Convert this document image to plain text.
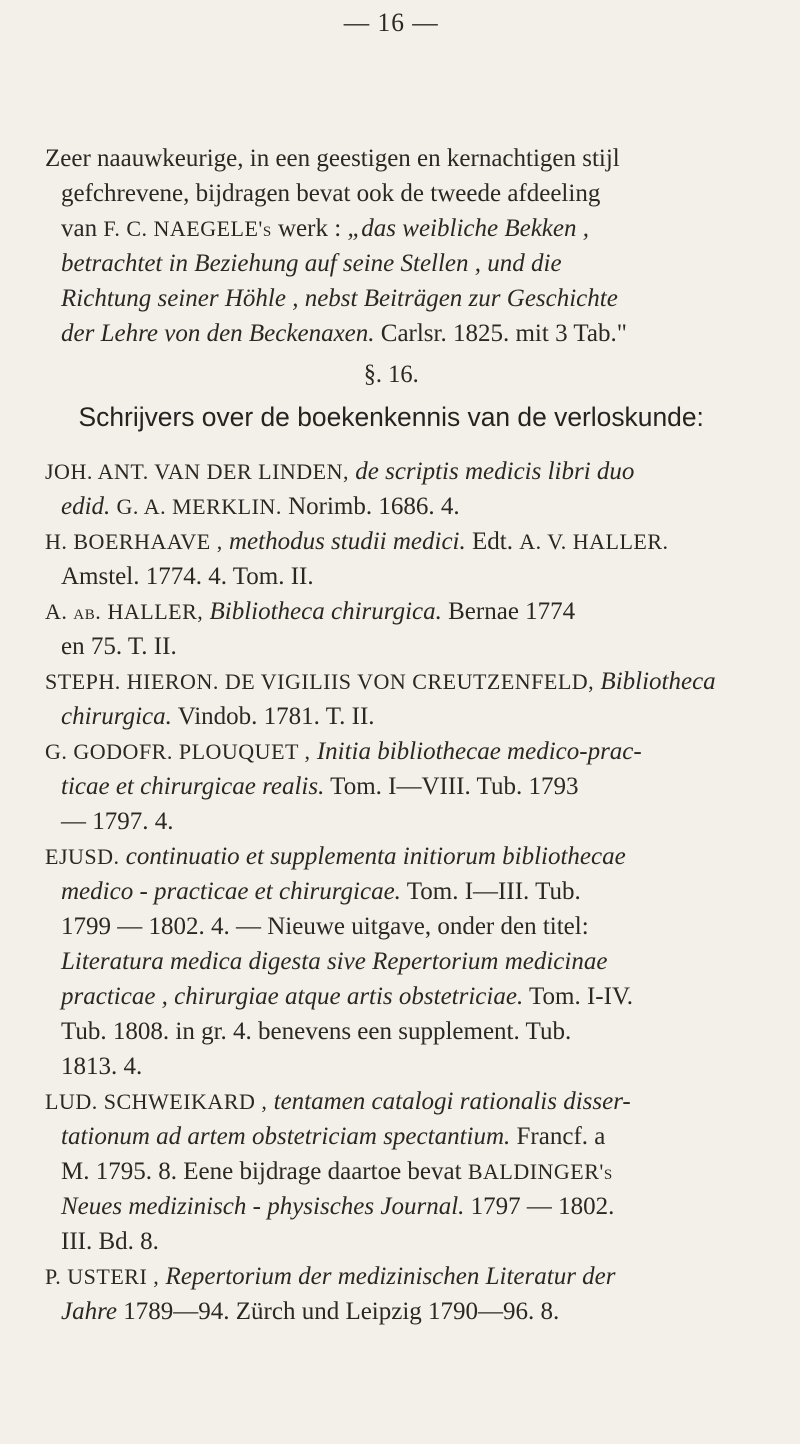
— 16 —
Zeer naauwkeurige, in een geestigen en kernachtigen stijl
gefchrevene, bijdragen bevat ook de tweede afdeeling
van F. C. NAEGELE's werk : „das weibliche Bekken ,
betrachtet in Beziehung auf seine Stellen , und die
Richtung seiner Höhle , nebst Beiträgen zur Geschichte
der Lehre von den Beckenaxen. Carlsr. 1825. mit 3 Tab."
§. 16.
Schrijvers over de boekenkennis van de verloskunde:
JOH. ANT. VAN DER LINDEN, de scriptis medicis libri duo
edid. G. A. MERKLIN. Norimb. 1686. 4.
H. BOERHAAVE , methodus studii medici. Edt. A. V. HALLER.
Amstel. 1774. 4. Tom. II.
A. ab. HALLER, Bibliotheca chirurgica. Bernae 1774
en 75. T. II.
STEPH. HIERON. DE VIGILIIS VON CREUTZENFELD, Bibliotheca
chirurgica. Vindob. 1781. T. II.
G. GODOFR. PLOUQUET , Initia bibliothecae medico-prac-
ticae et chirurgicae realis. Tom. I—VIII. Tub. 1793
— 1797. 4.
EJUSD. continuatio et supplementa initiorum bibliothecae
medico - practicae et chirurgicae. Tom. I—III. Tub.
1799 — 1802. 4. — Nieuwe uitgave, onder den titel:
Literatura medica digesta sive Repertorium medicinae
practicae , chirurgiae atque artis obstetriciae. Tom. I-IV.
Tub. 1808. in gr. 4. benevens een supplement. Tub.
1813. 4.
LUD. SCHWEIKARD , tentamen catalogi rationalis disser-
tationum ad artem obstetriciam spectantium. Francf. a
M. 1795. 8. Eene bijdrage daartoe bevat BALDINGER's
Neues medizinisch - physisches Journal. 1797 — 1802.
III. Bd. 8.
P. USTERI , Repertorium der medizinischen Literatur der
Jahre 1789—94. Zürch und Leipzig 1790—96. 8.
